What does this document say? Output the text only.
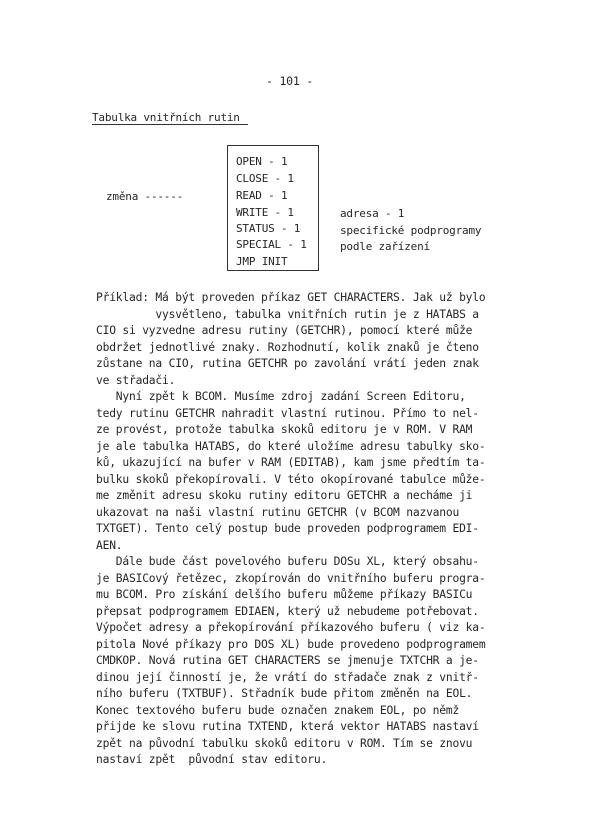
- 101 -
Tabulka vnitřních rutin
OPEN - 1
CLOSE - 1
READ - 1
WRITE - 1
STATUS - 1
SPECIAL - 1
JMP INIT
změna ------
adresa - 1
specifické podprogramy
podle zařízení
Příklad: Má být proveden příkaz GET CHARACTERS. Jak už bylo
vysvětleno, tabulka vnitřních rutin je z HATABS a
CIO si vyzvedne adresu rutiny (GETCHR), pomocí které může
obdržet jednotlivé znaky. Rozhodnutí, kolik znaků je čteno
zůstane na CIO, rutina GETCHR po zavolání vrátí jeden znak
ve střadači.
Nyní zpět k BCOM. Musíme zdroj zadání Screen Editoru,
tedy rutinu GETCHR nahradit vlastní rutinou. Přímo to nel-
ze provést, protože tabulka skoků editoru je v ROM. V RAM
je ale tabulka HATABS, do které uložíme adresu tabulky sko-
ků, ukazující na bufer v RAM (EDITAB), kam jsme předtím ta-
bulku skoků překopírovali. V této okopírované tabulce může-
me změnit adresu skoku rutiny editoru GETCHR a necháme ji
ukazovat na naši vlastní rutinu GETCHR (v BCOM nazvanou
TXTGET). Tento celý postup bude proveden podprogramem EDI-
AEN.
Dále bude část povelového buferu DOSu XL, který obsahu-
je BASICový řetězec, zkopírován do vnitřního buferu progra-
mu BCOM. Pro získání delšího buferu můžeme příkazy BASICu
přepsat podprogramem EDIAEN, který už nebudeme potřebovat.
Výpočet adresy a překopírování příkazového buferu ( viz ka-
pitola Nové příkazy pro DOS XL) bude provedeno podprogramem
CMDKOP. Nová rutina GET CHARACTERS se jmenuje TXTCHR a je-
dinou její činností je, že vrátí do střadače znak z vnitř-
ního buferu (TXTBUF). Střadník bude přitom změněn na EOL.
Konec textového buferu bude označen znakem EOL, po němž
přijde ke slovu rutina TXTEND, která vektor HATABS nastaví
zpět na původní tabulku skoků editoru v ROM. Tím se znovu
nastaví zpět  původní stav editoru.
